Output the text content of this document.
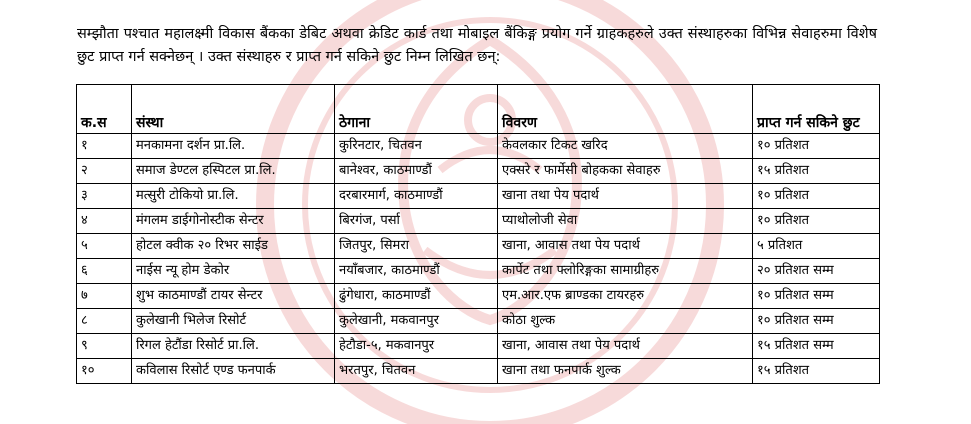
सम्झौता पश्चात महालक्ष्मी विकास बैंकका डेबिट अथवा क्रेडिट कार्ड तथा मोबाइल बैंकिङ्ग प्रयोग गर्ने ग्राहकहरुले उक्त संस्थाहरुका विभिन्न सेवाहरुमा विशेष छुट प्राप्त गर्न सक्नेछन् । उक्त संस्थाहरु र प्राप्त गर्न सकिने छुट निम्न लिखित छन्:

क.स	संस्था	ठेगाना	विवरण	प्राप्त गर्न सकिने छुट
१	मनकामना दर्शन प्रा.लि.	कुरिनटार, चितवन	केवलकार टिकट खरिद	१० प्रतिशत
२	समाज डेण्टल हस्पिटल प्रा.लि.	बानेश्वर, काठमाण्डौं	एक्सरे र फार्मेसी बोहकका सेवाहरु	१५ प्रतिशत
३	मत्सुरी टोकियो प्रा.लि.	दरबारमार्ग, काठमाण्डौं	खाना तथा पेय पदार्थ	१० प्रतिशत
४	मंगलम डाईगोनोस्टीक सेन्टर	बिरगंज, पर्सा	प्याथोलोजी सेवा	१० प्रतिशत
५	होटल क्वीक २० रिभर साईड	जितपुर, सिमरा	खाना, आवास तथा पेय पदार्थ	५ प्रतिशत
६	नाईस न्यू होम डेकोर	नयाँबजार, काठमाण्डौं	कार्पेट तथा फ्लोरिङ्गका सामाग्रीहरु	२० प्रतिशत सम्म
७	शुभ काठमाण्डौं टायर सेन्टर	ढुंगेधारा, काठमाण्डौं	एम.आर.एफ ब्राण्डका टायरहरु	१० प्रतिशत सम्म
८	कुलेखानी भिलेज रिसोर्ट	कुलेखानी, मकवानपुर	कोठा शुल्क	१० प्रतिशत सम्म
९	रिगल हेटौंडा रिसोर्ट प्रा.लि.	हेटौडा-५, मकवानपुर	खाना, आवास तथा पेय पदार्थ	१५ प्रतिशत सम्म
१०	कविलास रिसोर्ट एण्ड फनपार्क	भरतपुर, चितवन	खाना तथा फनपार्क शुल्क	१५ प्रतिशत
